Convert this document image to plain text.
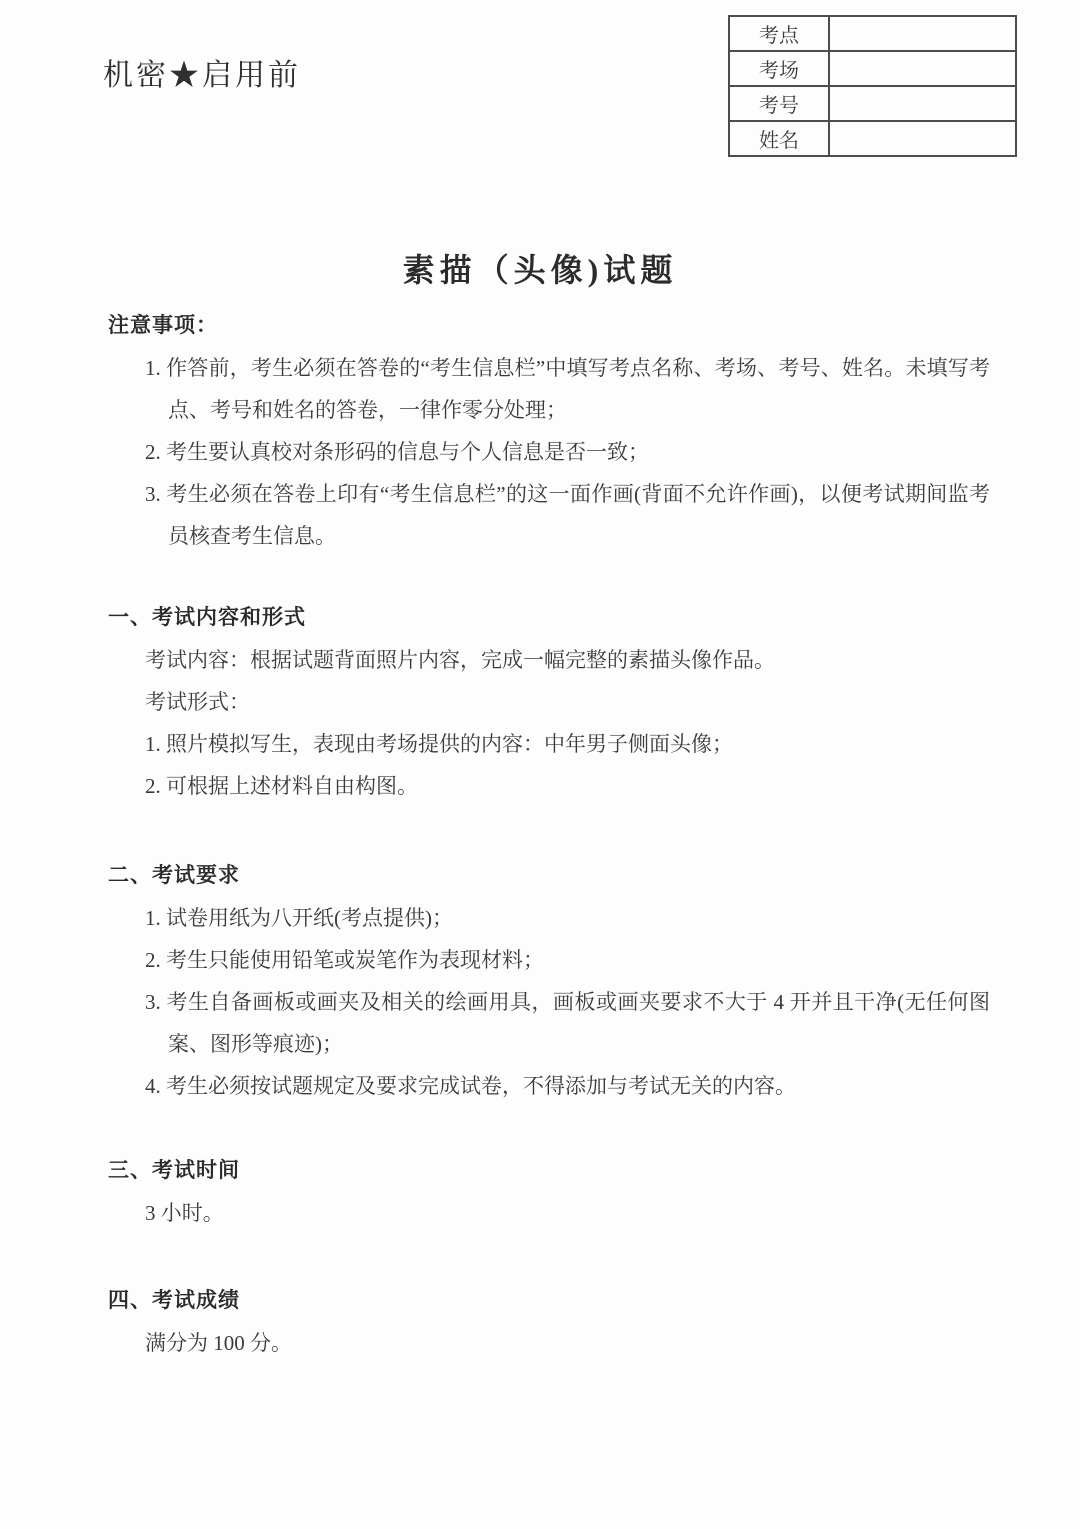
机密★启用前
考点	
考场	
考号	
姓名	
素描（头像)试题
注意事项：
1. 作答前，考生必须在答卷的“考生信息栏”中填写考点名称、考场、考号、姓名。未填写考点、考号和姓名的答卷，一律作零分处理；
2. 考生要认真校对条形码的信息与个人信息是否一致；
3. 考生必须在答卷上印有“考生信息栏”的这一面作画(背面不允许作画)，以便考试期间监考员核查考生信息。
一、考试内容和形式
考试内容：根据试题背面照片内容，完成一幅完整的素描头像作品。
考试形式：
1. 照片模拟写生，表现由考场提供的内容：中年男子侧面头像；
2. 可根据上述材料自由构图。
二、考试要求
1. 试卷用纸为八开纸(考点提供)；
2. 考生只能使用铅笔或炭笔作为表现材料；
3. 考生自备画板或画夹及相关的绘画用具，画板或画夹要求不大于 4 开并且干净(无任何图案、图形等痕迹)；
4. 考生必须按试题规定及要求完成试卷，不得添加与考试无关的内容。
三、考试时间
3 小时。
四、考试成绩
满分为 100 分。
